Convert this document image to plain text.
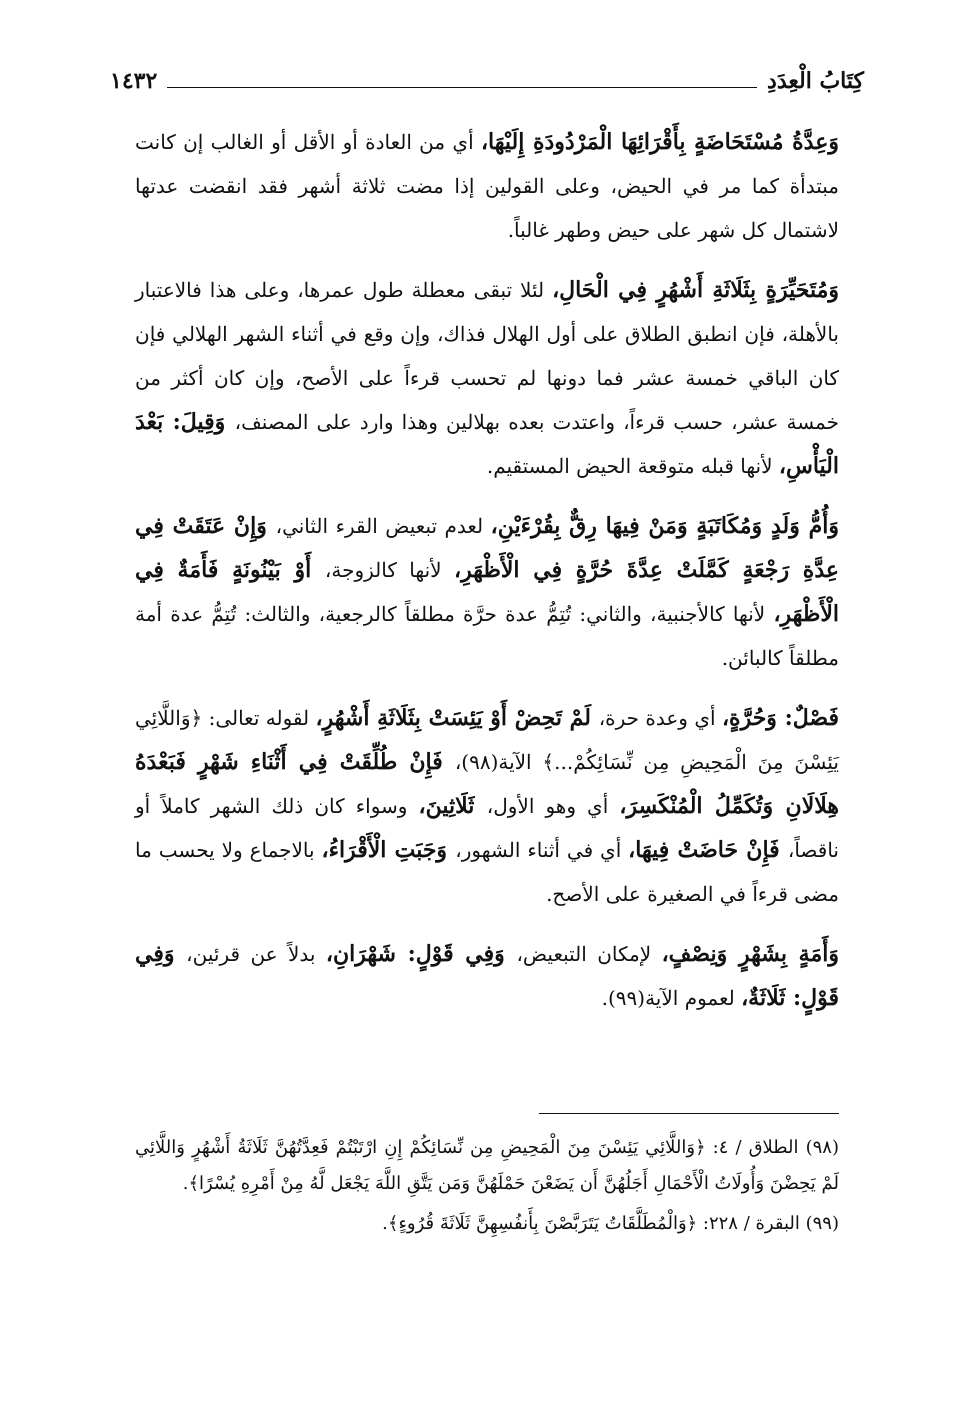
كِتَابُ الْعِدَدِ
١٤٣٢

وَعِدَّةُ مُسْتَحَاضَةٍ بِأَقْرَائِهَا الْمَرْدُودَةِ إِلَيْهَا، أي من العادة أو الأقل أو الغالب إن كانت مبتدأة كما مر في الحيض، وعلى القولين إذا مضت ثلاثة أشهر فقد انقضت عدتها لاشتمال كل شهر على حيض وطهر غالباً.

وَمُتَحَيِّرَةٍ بِثَلَاثَةِ أَشْهُرٍ فِي الْحَالِ، لئلا تبقى معطلة طول عمرها، وعلى هذا فالاعتبار بالأهلة، فإن انطبق الطلاق على أول الهلال فذاك، وإن وقع في أثناء الشهر الهلالي فإن كان الباقي خمسة عشر فما دونها لم تحسب قرءاً على الأصح، وإن كان أكثر من خمسة عشر، حسب قرءاً، واعتدت بعده بهلالين وهذا وارد على المصنف، وَقِيلَ: بَعْدَ الْيَأْسِ، لأنها قبله متوقعة الحيض المستقيم.

وَأُمُّ وَلَدٍ وَمُكَاتَبَةٍ وَمَنْ فِيهَا رِقٌّ بِقُرْءَيْنِ، لعدم تبعيض القرء الثاني، وَإِنْ عَتَقَتْ فِي عِدَّةِ رَجْعَةٍ كَمَّلَتْ عِدَّةَ حُرَّةٍ فِي الْأَظْهَرِ، لأنها كالزوجة، أَوْ بَيْنُونَةٍ فَأَمَةٌ فِي الْأَظْهَرِ، لأنها كالأجنبية، والثاني: تُتِمُّ عدة حرَّة مطلقاً كالرجعية، والثالث: تُتِمُّ عدة أمة مطلقاً كالبائن.

فَصْلٌ: وَحُرَّةٍ، أي وعدة حرة، لَمْ تَحِضْ أَوْ يَئِسَتْ بِثَلَاثَةِ أَشْهُرٍ، لقوله تعالى: ﴿وَاللَّائِي يَئِسْنَ مِنَ الْمَحِيضِ مِن نِّسَائِكُمْ...﴾ الآية(٩٨)، فَإِنْ طُلِّقَتْ فِي أَثْنَاءِ شَهْرٍ فَبَعْدَهُ هِلَالَانِ وَتُكَمِّلُ الْمُنْكَسِرَ، أي وهو الأول، ثَلَاثِينَ، وسواء كان ذلك الشهر كاملاً أو ناقصاً، فَإِنْ حَاضَتْ فِيهَا، أي في أثناء الشهور، وَجَبَتِ الْأَقْرَاءُ، بالاجماع ولا يحسب ما مضى قرءاً في الصغيرة على الأصح.

وَأَمَةٍ بِشَهْرٍ وَنِصْفٍ، لإمكان التبعيض، وَفِي قَوْلٍ: شَهْرَانِ، بدلاً عن قرئين، وَفِي قَوْلٍ: ثَلَاثَةٌ، لعموم الآية(٩٩).

(٩٨) الطلاق / ٤: ﴿وَاللَّائِي يَئِسْنَ مِنَ الْمَحِيضِ مِن نِّسَائِكُمْ إِنِ ارْتَبْتُمْ فَعِدَّتُهُنَّ ثَلَاثَةُ أَشْهُرٍ وَاللَّائِي لَمْ يَحِضْنَ وَأُولَاتُ الْأَحْمَالِ أَجَلُهُنَّ أَن يَضَعْنَ حَمْلَهُنَّ وَمَن يَتَّقِ اللَّهَ يَجْعَل لَّهُ مِنْ أَمْرِهِ يُسْرًا﴾.

(٩٩) البقرة / ٢٢٨: ﴿وَالْمُطَلَّقَاتُ يَتَرَبَّصْنَ بِأَنفُسِهِنَّ ثَلَاثَةَ قُرُوءٍ﴾.
